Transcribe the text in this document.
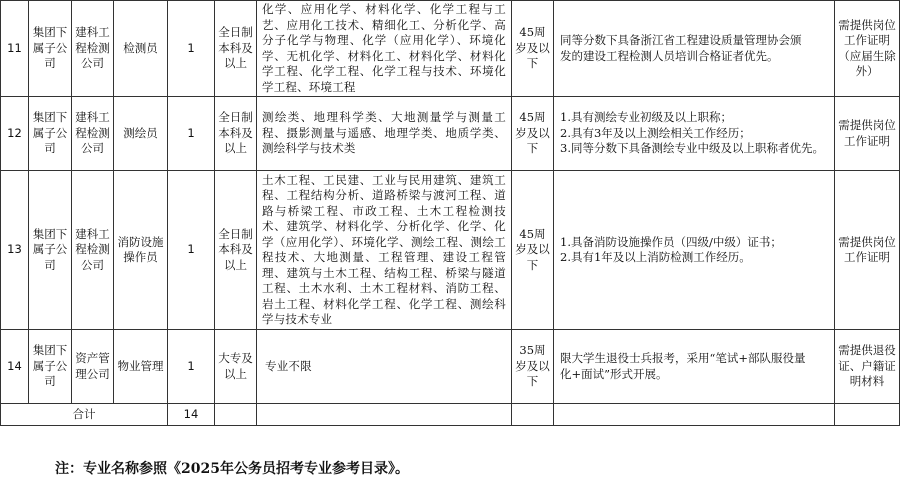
11	集团下属子公司	建科工程检测公司	检测员	1	全日制本科及以上	化学、应用化学、材料化学、化学工程与工艺、应用化工技术、精细化工、分析化学、高分子化学与物理、化学（应用化学）、环境化学、无机化学、材料化工、材料化学、材料化学工程、化学工程、化学工程与技术、环境化学工程、环境工程	45周岁及以下	同等分数下具备浙江省工程建设质量管理协会颁
发的建设工程检测人员培训合格证者优先。	需提供岗位工作证明（应届生除外）
12	集团下属子公司	建科工程检测公司	测绘员	1	全日制本科及以上	测绘类、地理科学类、大地测量学与测量工程、摄影测量与遥感、地理学类、地质学类、测绘科学与技术类	45周岁及以下	1.具有测绘专业初级及以上职称；
2.具有3年及以上测绘相关工作经历；
3.同等分数下具备测绘专业中级及以上职称者优先。	需提供岗位工作证明
13	集团下属子公司	建科工程检测公司	消防设施操作员	1	全日制本科及以上	土木工程、工民建、工业与民用建筑、建筑工程、工程结构分析、道路桥梁与渡河工程、道路与桥梁工程、市政工程、土木工程检测技术、建筑学、材料化学、分析化学、化学、化学（应用化学）、环境化学、测绘工程、测绘工程技术、大地测量、工程管理、建设工程管理、建筑与土木工程、结构工程、桥梁与隧道工程、土木水利、土木工程材料、消防工程、岩土工程、材料化学工程、化学工程、测绘科学与技术专业	45周岁及以下	1.具备消防设施操作员（四级/中级）证书；
2.具有1年及以上消防检测工作经历。	需提供岗位工作证明
14	集团下属子公司	资产管理公司	物业管理	1	大专及以上	专业不限	35周岁及以下	限大学生退役士兵报考，采用“笔试+部队服役量
化+面试”形式开展。	需提供退役证、户籍证明材料
合计				14					
注：专业名称参照《2025年公务员招考专业参考目录》。
